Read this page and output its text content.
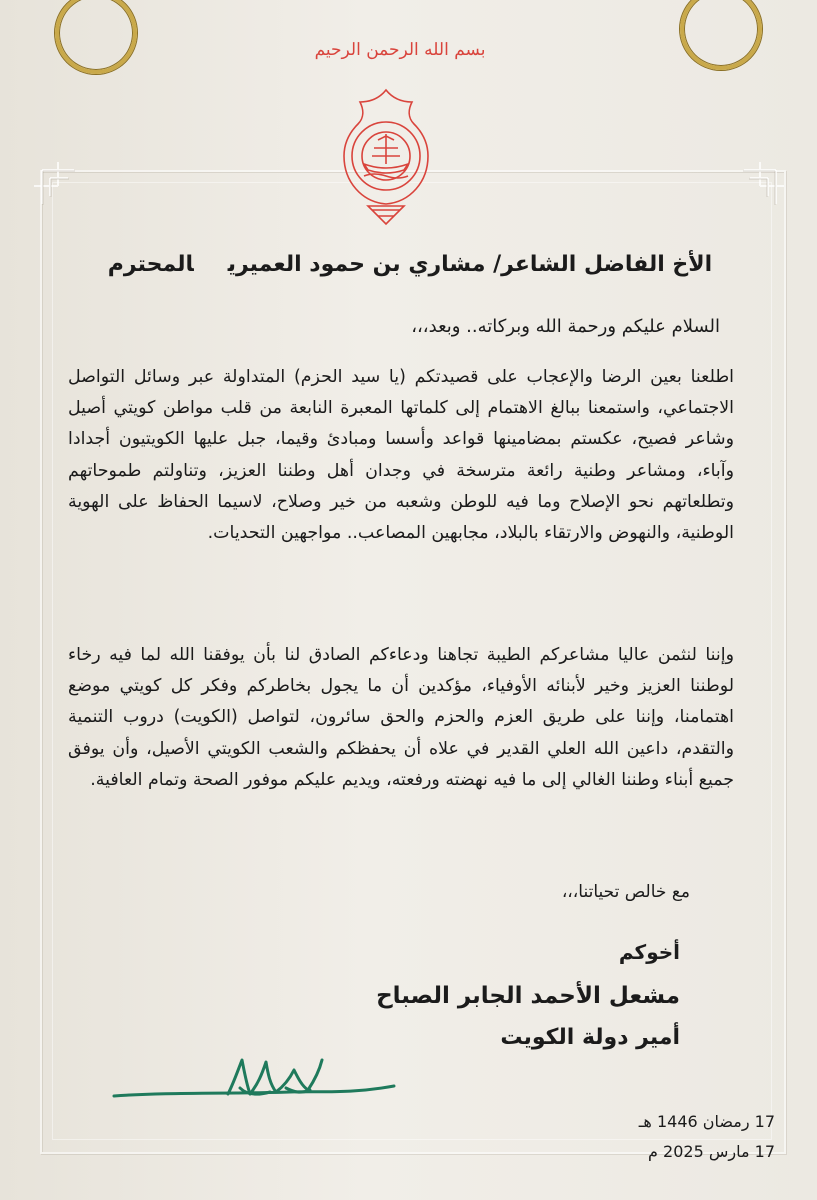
بسم الله الرحمن الرحيم
الأخ الفاضل الشاعر/ مشاري بن حمود العميريالمحترم
السلام عليكم ورحمة الله وبركاته.. وبعد،،،
اطلعنا بعين الرضا والإعجاب على قصيدتكم (يا سيد الحزم) المتداولة عبر وسائل التواصل الاجتماعي، واستمعنا ببالغ الاهتمام إلى كلماتها المعبرة النابعة من قلب مواطن كويتي أصيل وشاعر فصيح، عكستم بمضامينها قواعد وأسسا ومبادئ وقيما، جبل عليها الكويتيون أجدادا وآباء، ومشاعر وطنية رائعة مترسخة في وجدان أهل وطننا العزيز، وتناولتم طموحاتهم وتطلعاتهم نحو الإصلاح وما فيه للوطن وشعبه من خير وصلاح، لاسيما الحفاظ على الهوية الوطنية، والنهوض والارتقاء بالبلاد، مجابهين المصاعب.. مواجهين التحديات.
وإننا لنثمن عاليا مشاعركم الطيبة تجاهنا ودعاءكم الصادق لنا بأن يوفقنا الله لما فيه رخاء لوطننا العزيز وخير لأبنائه الأوفياء، مؤكدين أن ما يجول بخاطركم وفكر كل كويتي موضع اهتمامنا، وإننا على طريق العزم والحزم والحق سائرون، لتواصل (الكويت) دروب التنمية والتقدم، داعين الله العلي القدير في علاه أن يحفظكم والشعب الكويتي الأصيل، وأن يوفق جميع أبناء وطننا الغالي إلى ما فيه نهضته ورفعته، ويديم عليكم موفور الصحة وتمام العافية.
مع خالص تحياتنا،،،
أخوكم
مشعل الأحمد الجابر الصباح
أمير دولة الكويت
17 رمضان 1446 هـ
17 مارس 2025 م
